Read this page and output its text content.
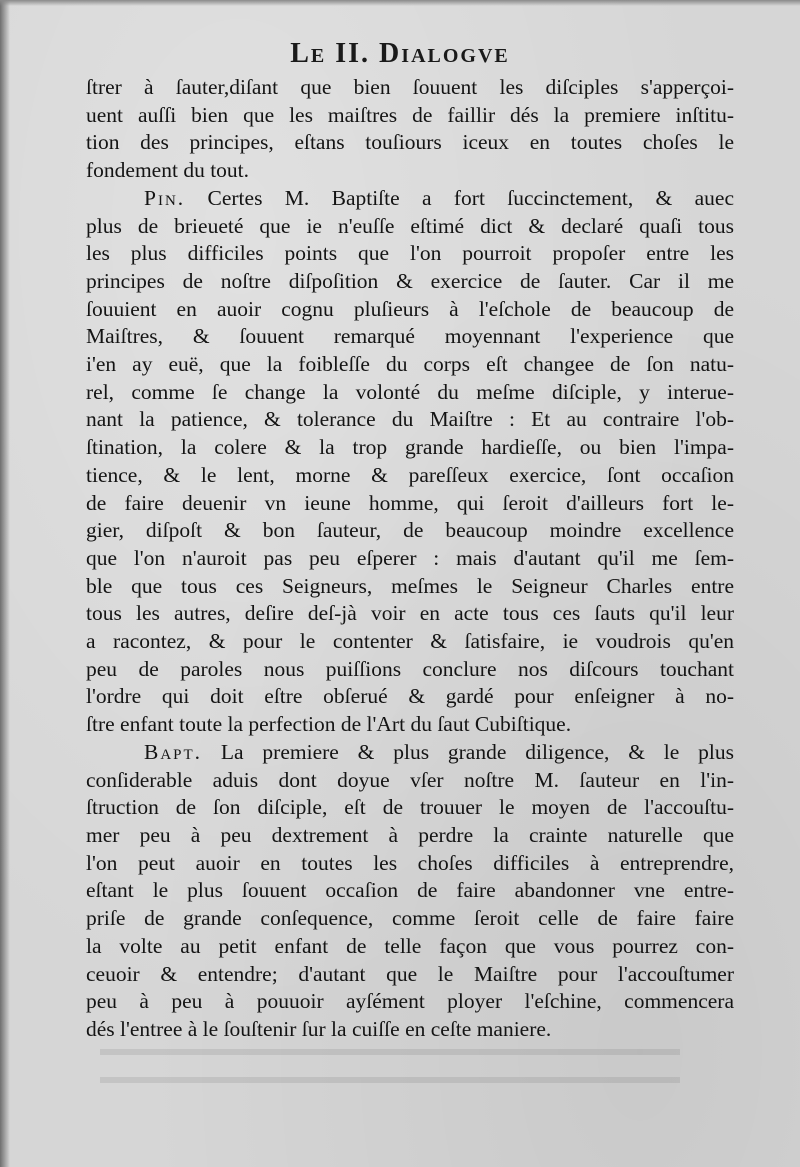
▬▬▬▬▬▬▬▬▬▬▬▬▬▬▬▬▬▬▬▬▬▬▬▬▬▬▬▬▬
▬▬▬▬▬▬▬▬▬▬▬▬▬▬▬▬▬▬▬▬▬▬▬▬▬▬▬▬▬
Le II. Dialogve
ſtrer à ſauter,diſant que bien ſouuent les diſciples s'apperçoi-
uent auſſi bien que les maiſtres de faillir dés la premiere inſtitu-
tion des principes, eſtans touſiours iceux en toutes choſes le
fondement du tout.
Pin. Certes M. Baptiſte a fort ſuccinctement, & auec
plus de brieueté que ie n'euſſe eſtimé dict & declaré quaſi tous
les plus difficiles points que l'on pourroit propoſer entre les
principes de noſtre diſpoſition & exercice de ſauter. Car il me
ſouuient en auoir cognu pluſieurs à l'eſchole de beaucoup de
Maiſtres, & ſouuent remarqué moyennant l'experience que
i'en ay euë, que la foibleſſe du corps eſt changee de ſon natu-
rel, comme ſe change la volonté du meſme diſciple, y interue-
nant la patience, & tolerance du Maiſtre : Et au contraire l'ob-
ſtination, la colere & la trop grande hardieſſe, ou bien l'impa-
tience, & le lent, morne & pareſſeux exercice, ſont occaſion
de faire deuenir vn ieune homme, qui ſeroit d'ailleurs fort le-
gier, diſpoſt & bon ſauteur, de beaucoup moindre excellence
que l'on n'auroit pas peu eſperer : mais d'autant qu'il me ſem-
ble que tous ces Seigneurs, meſmes le Seigneur Charles entre
tous les autres, deſire deſ-jà voir en acte tous ces ſauts qu'il leur
a racontez, & pour le contenter & ſatisfaire, ie voudrois qu'en
peu de paroles nous puiſſions conclure nos diſcours touchant
l'ordre qui doit eſtre obſerué & gardé pour enſeigner à no-
ſtre enfant toute la perfection de l'Art du ſaut Cubiſtique.
Bapt. La premiere & plus grande diligence, & le plus
conſiderable aduis dont doyue vſer noſtre M. ſauteur en l'in-
ſtruction de ſon diſciple, eſt de trouuer le moyen de l'accouſtu-
mer peu à peu dextrement à perdre la crainte naturelle que
l'on peut auoir en toutes les choſes difficiles à entreprendre,
eſtant le plus ſouuent occaſion de faire abandonner vne entre-
priſe de grande conſequence, comme ſeroit celle de faire faire
la volte au petit enfant de telle façon que vous pourrez con-
ceuoir & entendre; d'autant que le Maiſtre pour l'accouſtumer
peu à peu à pouuoir ayſément ployer l'eſchine, commencera
dés l'entree à le ſouſtenir ſur la cuiſſe en ceſte maniere.
